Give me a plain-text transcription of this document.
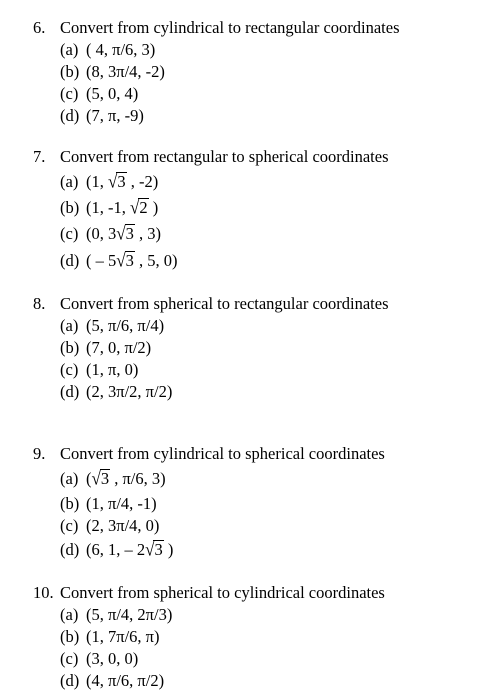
6. Convert from cylindrical to rectangular coordinates
(a) ( 4, π/6, 3)
(b) (8, 3π/4, -2)
(c) (5, 0, 4)
(d) (7, π, -9)
7. Convert from rectangular to spherical coordinates
(a) (1, √3 , -2)
(b) (1, -1, √2 )
(c) (0, 3√3 , 3)
(d) ( – 5√3 , 5, 0)
8. Convert from spherical to rectangular coordinates
(a) (5, π/6, π/4)
(b) (7, 0, π/2)
(c) (1, π, 0)
(d) (2, 3π/2, π/2)
9. Convert from cylindrical to spherical coordinates
(a) (√3 , π/6, 3)
(b) (1, π/4, -1)
(c) (2, 3π/4, 0)
(d) (6, 1, – 2√3 )
10. Convert from spherical to cylindrical coordinates
(a) (5, π/4, 2π/3)
(b) (1, 7π/6, π)
(c) (3, 0, 0)
(d) (4, π/6, π/2)
